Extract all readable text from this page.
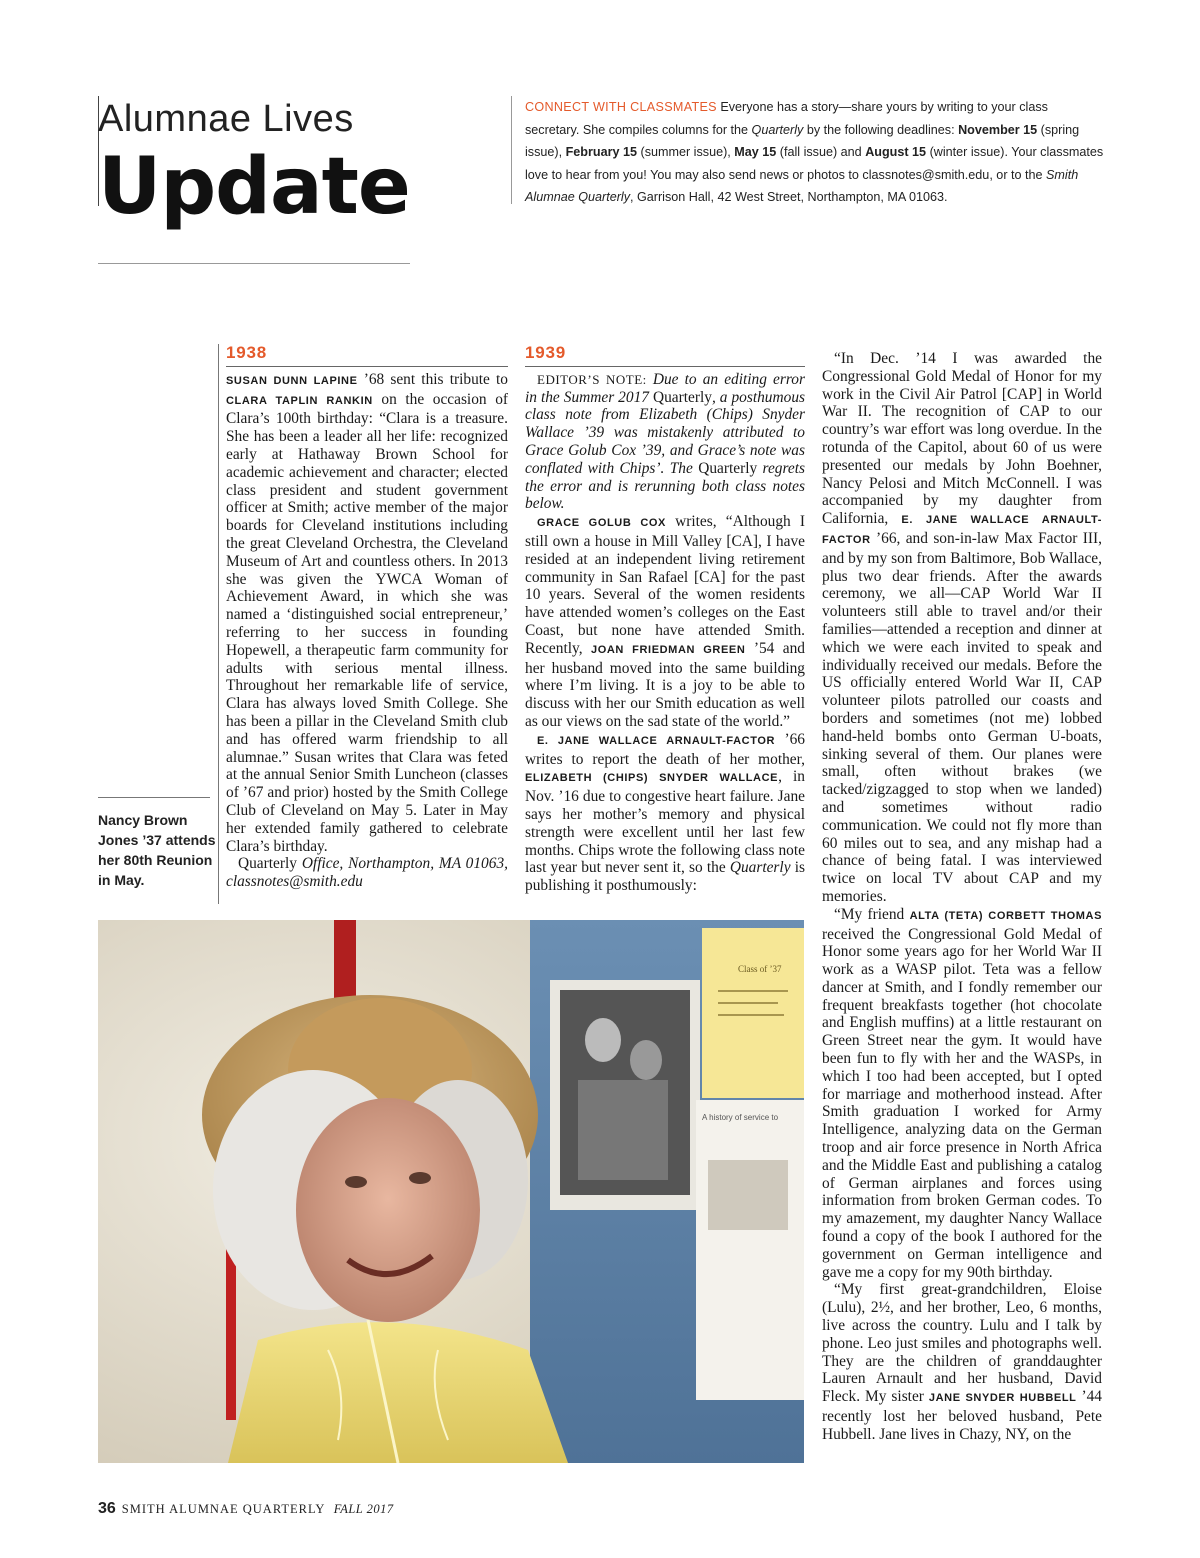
Alumnae Lives
Update
CONNECT WITH CLASSMATES Everyone has a story—share yours by writing to your class secretary. She compiles columns for the Quarterly by the following deadlines: November 15 (spring issue), February 15 (summer issue), May 15 (fall issue) and August 15 (winter issue). Your classmates love to hear from you! You may also send news or photos to classnotes@smith.edu, or to the Smith Alumnae Quarterly, Garrison Hall, 42 West Street, Northampton, MA 01063.
1938

SUSAN DUNN LAPINE ’68 sent this tribute to CLARA TAPLIN RANKIN on the occasion of Clara’s 100th birthday: “Clara is a treasure. She has been a leader all her life: recognized early at Hathaway Brown School for academic achievement and character; elected class president and student government officer at Smith; active member of the major boards for Cleveland institutions including the great Cleveland Orchestra, the Cleveland Museum of Art and countless others. In 2013 she was given the YWCA Woman of Achievement Award, in which she was named a ‘distinguished social entrepreneur,’ referring to her success in founding Hopewell, a therapeutic farm community for adults with serious mental illness. Throughout her remarkable life of service, Clara has always loved Smith College. She has been a pillar in the Cleveland Smith club and has offered warm friendship to all alumnae.” Susan writes that Clara was feted at the annual Senior Smith Luncheon (classes of ’67 and prior) hosted by the Smith College Club of Cleveland on May 5. Later in May her extended family gathered to celebrate Clara’s birthday.

Quarterly Office, Northampton, MA 01063, classnotes@smith.edu

1939

EDITOR’S NOTE: Due to an editing error in the Summer 2017 Quarterly, a posthumous class note from Elizabeth (Chips) Snyder Wallace ’39 was mistakenly attributed to Grace Golub Cox ’39, and Grace’s note was conflated with Chips’. The Quarterly regrets the error and is rerunning both class notes below.

GRACE GOLUB COX writes, “Although I still own a house in Mill Valley [CA], I have resided at an independent living retirement community in San Rafael [CA] for the past 10 years. Several of the women residents have attended women’s colleges on the East Coast, but none have attended Smith. Recently, JOAN FRIEDMAN GREEN ’54 and her husband moved into the same building where I’m living. It is a joy to be able to discuss with her our Smith education as well as our views on the sad state of the world.”

E. JANE WALLACE ARNAULT-FACTOR ’66 writes to report the death of her mother, ELIZABETH (CHIPS) SNYDER WALLACE, in Nov. ’16 due to congestive heart failure. Jane says her mother’s memory and physical strength were excellent until her last few months. Chips wrote the following class note last year but never sent it, so the Quarterly is publishing it posthumously:

“In Dec. ’14 I was awarded the Congressional Gold Medal of Honor for my work in the Civil Air Patrol [CAP] in World War II. The recognition of CAP to our country’s war effort was long overdue. In the rotunda of the Capitol, about 60 of us were presented our medals by John Boehner, Nancy Pelosi and Mitch McConnell. I was accompanied by my daughter from California, E. JANE WALLACE ARNAULT-FACTOR ’66, and son-in-law Max Factor III, and by my son from Baltimore, Bob Wallace, plus two dear friends. After the awards ceremony, we all—CAP World War II volunteers still able to travel and/or their families—attended a reception and dinner at which we were each invited to speak and individually received our medals. Before the US officially entered World War II, CAP volunteer pilots patrolled our coasts and borders and sometimes (not me) lobbed hand-held bombs onto German U-boats, sinking several of them. Our planes were small, often without brakes (we tacked/zigzagged to stop when we landed) and sometimes without radio communication. We could not fly more than 60 miles out to sea, and any mishap had a chance of being fatal. I was interviewed twice on local TV about CAP and my memories.

“My friend ALTA (TETA) CORBETT THOMAS received the Congressional Gold Medal of Honor some years ago for her World War II work as a WASP pilot. Teta was a fellow dancer at Smith, and I fondly remember our frequent breakfasts together (hot chocolate and English muffins) at a little restaurant on Green Street near the gym. It would have been fun to fly with her and the WASPs, in which I too had been accepted, but I opted for marriage and motherhood instead. After Smith graduation I worked for Army Intelligence, analyzing data on the German troop and air force presence in North Africa and the Middle East and publishing a catalog of German airplanes and forces using information from broken German codes. To my amazement, my daughter Nancy Wallace found a copy of the book I authored for the government on German intelligence and gave me a copy for my 90th birthday.

“My first great-grandchildren, Eloise (Lulu), 2½, and her brother, Leo, 6 months, live across the country. Lulu and I talk by phone. Leo just smiles and photographs well. They are the children of granddaughter Lauren Arnault and her husband, David Fleck. My sister JANE SNYDER HUBBELL ’44 recently lost her beloved husband, Pete Hubbell. Jane lives in Chazy, NY, on the

Nancy Brown Jones ’37 attends her 80th Reunion in May.
Class of ’37
A history of service to
36 SMITH ALUMNAE QUARTERLY FALL 2017
